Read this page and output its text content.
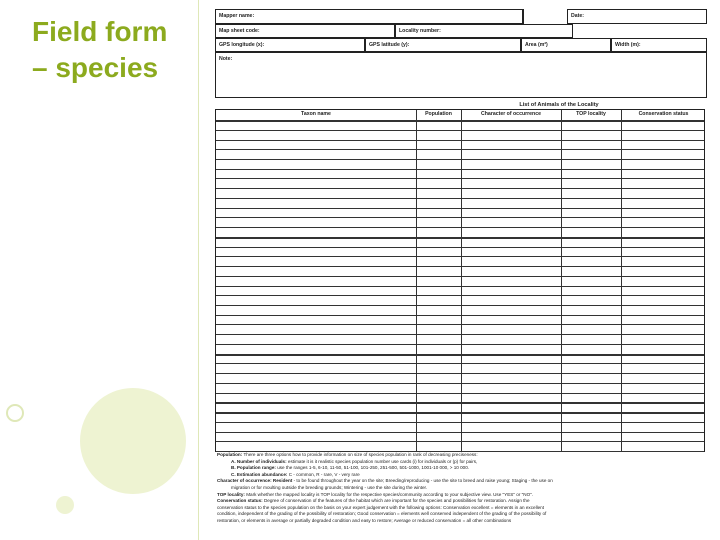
Field form
– species
Mapper name:	Date:
Map sheet code:	Locality number:
GPS longitude (x):	GPS latitude (y):	Area (m²)	Width (m):
Note:
List of Animals of the Locality
Taxon name	Population	Character of occurrence	TOP locality	Conservation status
Population: There are three options how to provide information on size of species population in rank of decreasing preciseness:
A. Number of individuals: estimate it is it realistic species population number use cards (i) for individuals or (p) for pairs,
B. Population range: use the ranges 1-5, 6-10, 11-50, 51-100, 101-250, 251-500, 501-1000, 1001-10 000, > 10 000.
C. Estimation abundance: C - common, R - rare, V - very rare
Character of occurrence: Resident - to be found throughout the year on the site; Breeding/reproducing - use the site to breed and raise young; Staging - the use on
migration or for moulting outside the breeding grounds; Wintering - use the site during the winter.
TOP locality: Mark whether the mapped locality is TOP locality for the respective species/community according to your subjective view. Use "YES" or "NO".
Conservation status: Degree of conservation of the features of the habitat which are important for the species and possibilities for restoration. Assign the
conservation status to the species population on the basis on your expert judgement with the following options: Conservation excellent = elements in an excellent
condition, independent of the grading of the possibility of restoration; Good conservation = elements well conserved independent of the grading of the possibility of
restoration, or elements in average or partially degraded condition and easy to restore; Average or reduced conservation = all other combinations
